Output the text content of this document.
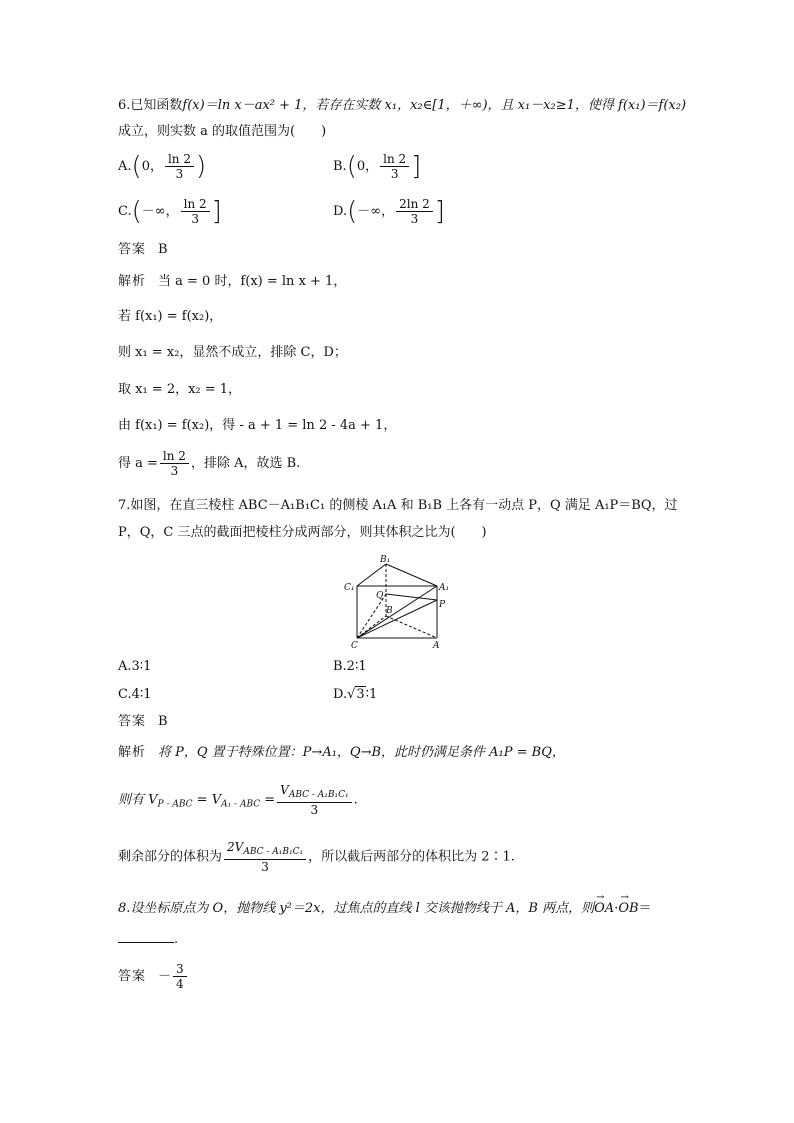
6.已知函数f(x)＝ln x－ax² + 1，若存在实数 x₁，x₂∈[1，＋∞)，且 x₁－x₂≥1，使得 f(x₁)＝f(x₂)
成立，则实数 a 的取值范围为(　　)
A.(0， $\frac{\ln 2}{3}$ )	B.(0， $\frac{\ln 2}{3}$ ]
C.(－∞， $\frac{\ln 2}{3}$ ]	D.(－∞， $\frac{2\ln 2}{3}$ ]
答案 B
解析 当 a = 0 时，f(x) = ln x + 1，
若 f(x₁) = f(x₂)，
则 x₁ = x₂，显然不成立，排除 C，D；
取 x₁ = 2，x₂ = 1，
由 f(x₁) = f(x₂)，得 - a + 1 = ln 2 - 4a + 1，
得 $a = \frac{\ln 2}{3}$ ，排除 A，故选 B.
7.如图，在直三棱柱 ABC－A₁B₁C₁ 的侧棱 A₁A 和 B₁B 上各有一动点 P，Q 满足 A₁P＝BQ，过
P，Q，C 三点的截面把棱柱分成两部分，则其体积之比为(　　)
B₁
C₁	A₁
Q
P
B
C	A
A.3∶1	B.2∶1
C.4∶1	D.√3∶1
答案 B
解析 将 P，Q 置于特殊位置：P→A₁，Q→B，此时仍满足条件 A₁P = BQ，
则有 $V_{P - ABC} = V_{A_1 - ABC} = \frac{V_{ABC - A_1B_1C_1}}{3}$ .
剩余部分的体积为 $\frac{2V_{ABC - A_1B_1C_1}}{3}$ ，所以截后两部分的体积比为 2∶1.
8.设坐标原点为 O，抛物线 y²＝2x，过焦点的直线 l 交该抛物线于 A，B 两点，则→ OA·→ OB＝
.
答案 － $\frac{3}{4}$
